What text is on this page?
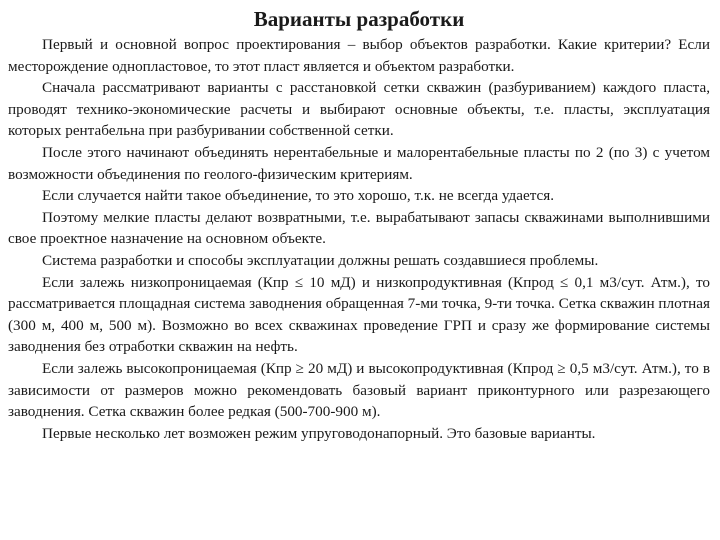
Варианты разработки

Первый и основной вопрос проектирования – выбор объектов разработки. Какие критерии? Если месторождение однопластовое, то этот пласт является и объектом разработки.

Сначала рассматривают варианты с расстановкой сетки скважин (разбуриванием) каждого пласта, проводят технико-экономические расчеты и выбирают основные объекты, т.е. пласты, эксплуатация которых рентабельна при разбуривании собственной сетки.

После этого начинают объединять нерентабельные и малорентабельные пласты по 2 (по 3) с учетом возможности объединения по геолого-физическим критериям.

Если случается найти такое объединение, то это хорошо, т.к. не всегда удается.

Поэтому мелкие пласты делают возвратными, т.е. вырабатывают запасы скважинами выполнившими свое проектное назначение на основном объекте.

Система разработки и способы эксплуатации должны решать создавшиеся проблемы.

Если залежь низкопроницаемая (Кпр ≤ 10 мД) и низкопродуктивная (Кпрод ≤ 0,1 м3/сут. Атм.), то рассматривается площадная система заводнения обращенная 7-ми точка, 9-ти точка. Сетка скважин плотная (300 м, 400 м, 500 м). Возможно во всех скважинах проведение ГРП и сразу же формирование системы заводнения без отработки скважин на нефть.

Если залежь высокопроницаемая (Кпр ≥ 20 мД) и высокопродуктивная (Кпрод ≥ 0,5 м3/сут. Атм.), то в зависимости от размеров можно рекомендовать базовый вариант приконтурного или разрезающего заводнения. Сетка скважин более редкая (500-700-900 м).

Первые несколько лет возможен режим упруговодонапорный. Это базовые варианты.
